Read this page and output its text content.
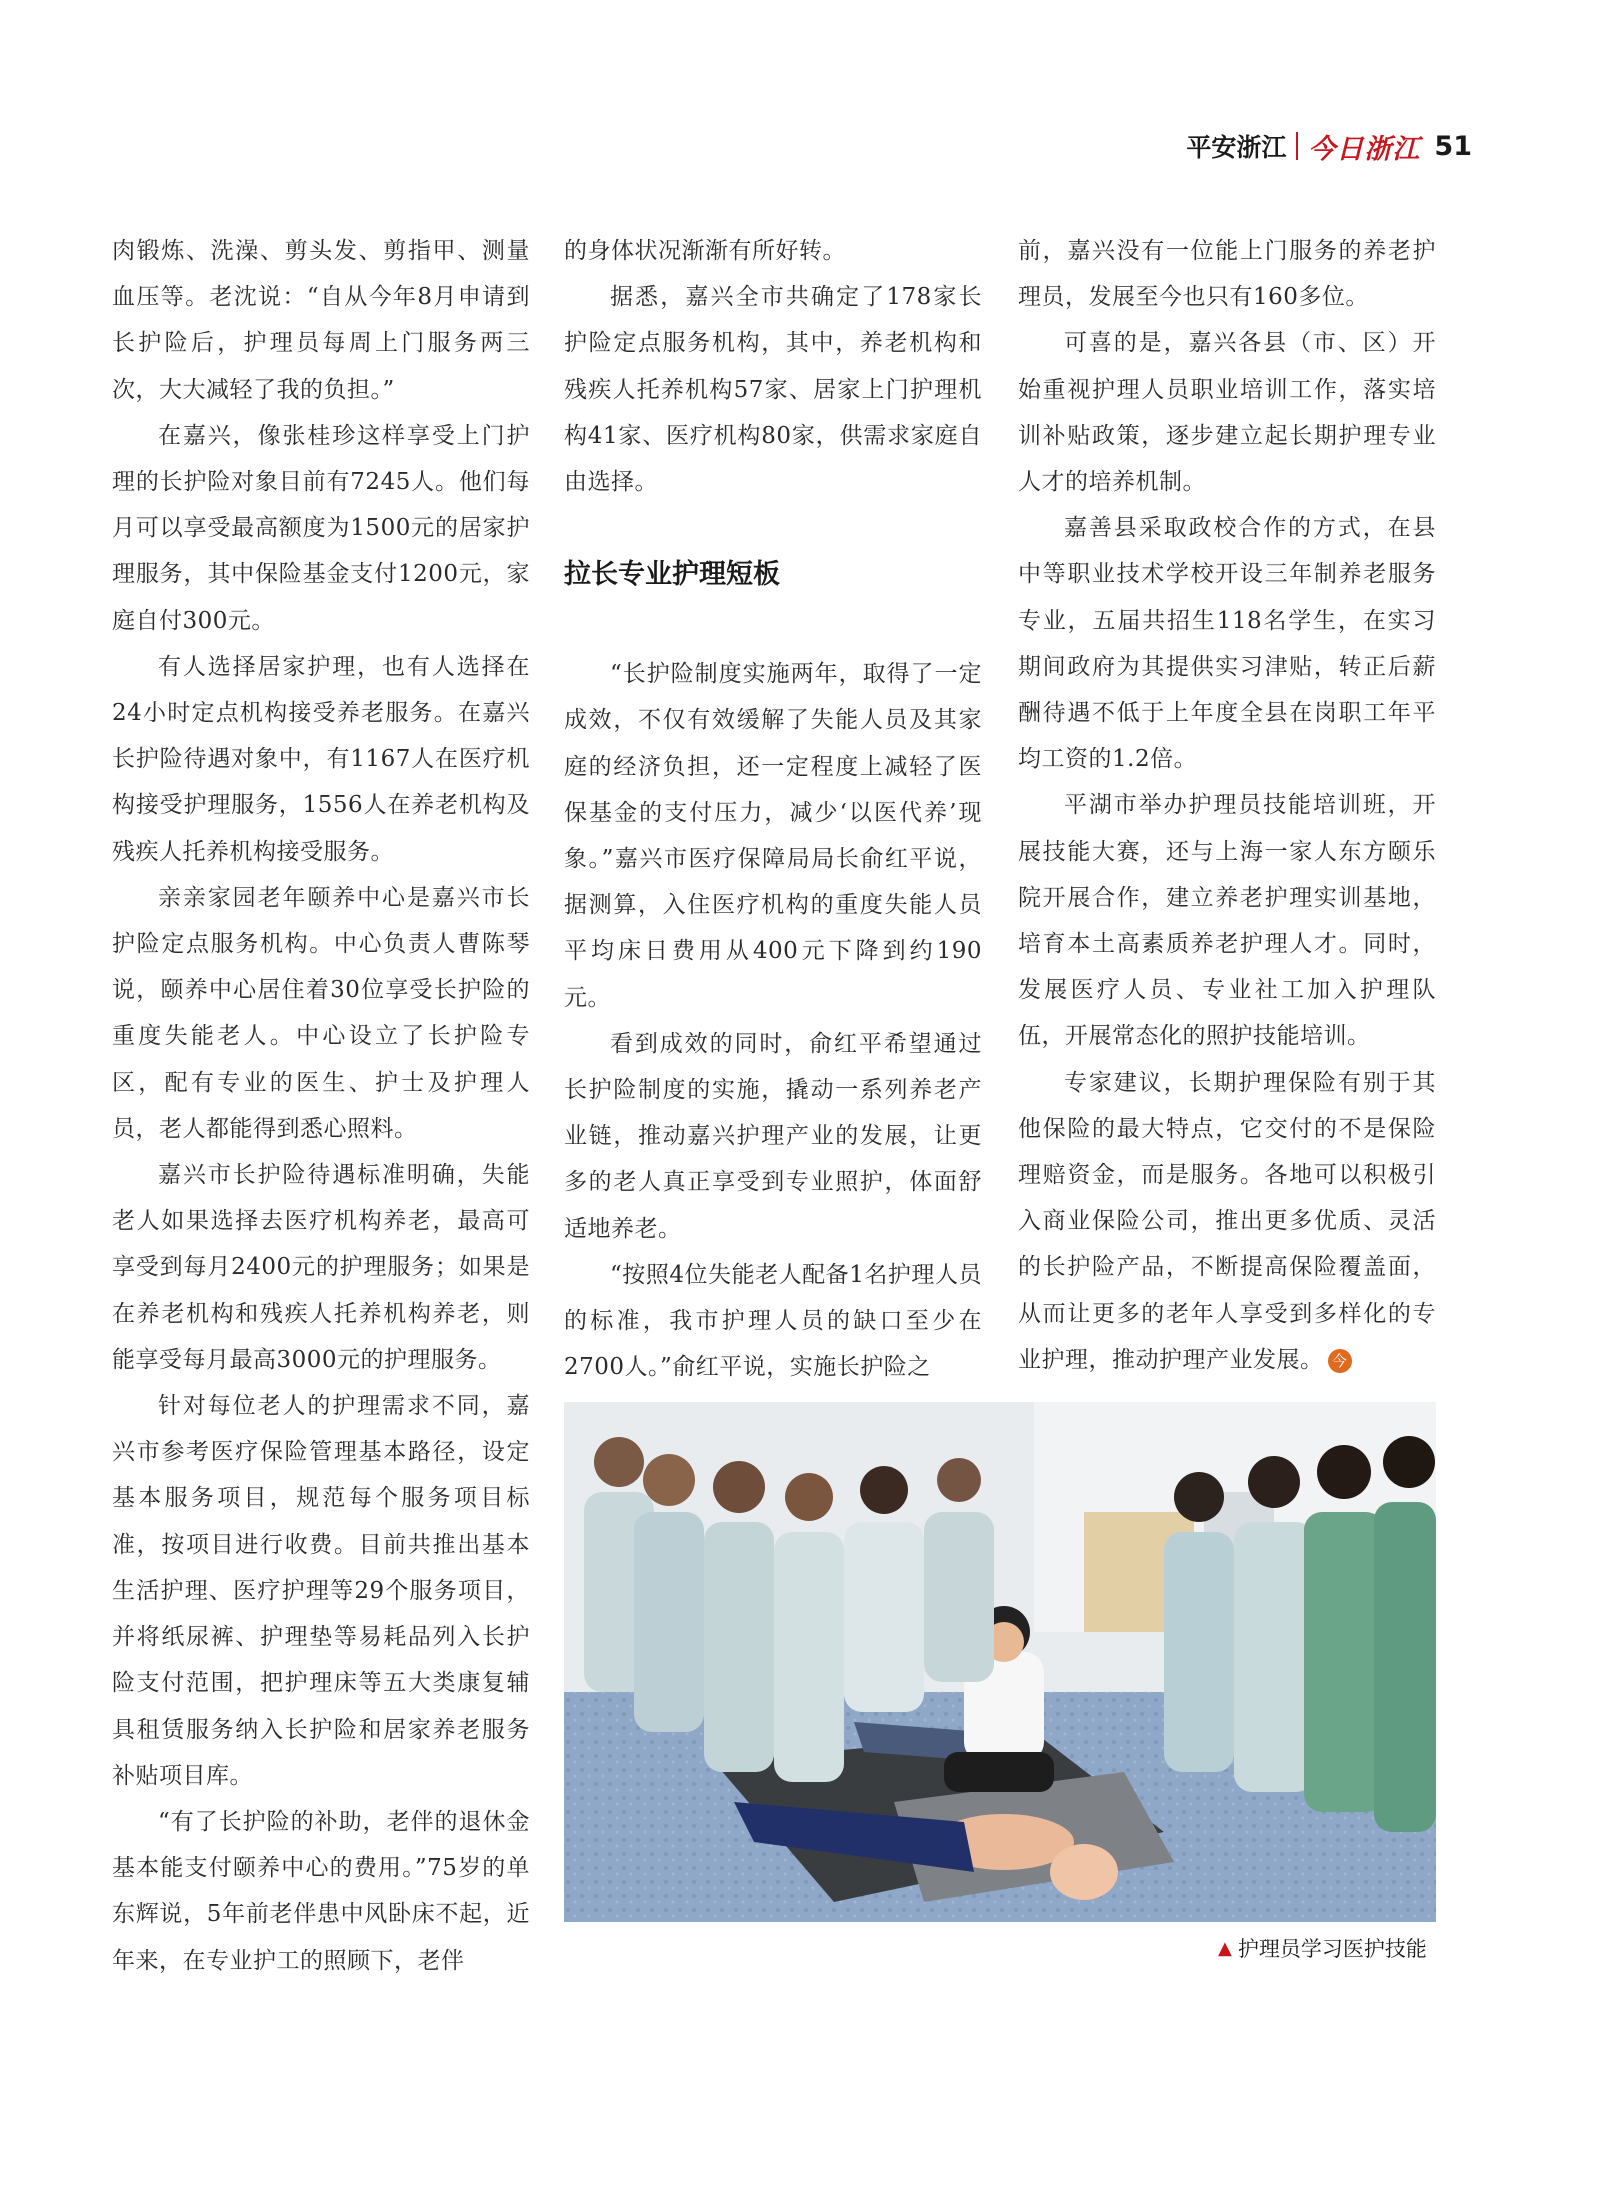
平安浙江 今日浙江 51

肉锻炼、洗澡、剪头发、剪指甲、测量血压等。老沈说：“自从今年8月申请到长护险后，护理员每周上门服务两三次，大大减轻了我的负担。”

在嘉兴，像张桂珍这样享受上门护理的长护险对象目前有7245人。他们每月可以享受最高额度为1500元的居家护理服务，其中保险基金支付1200元，家庭自付300元。

有人选择居家护理，也有人选择在24小时定点机构接受养老服务。在嘉兴长护险待遇对象中，有1167人在医疗机构接受护理服务，1556人在养老机构及残疾人托养机构接受服务。

亲亲家园老年颐养中心是嘉兴市长护险定点服务机构。中心负责人曹陈琴说，颐养中心居住着30位享受长护险的重度失能老人。中心设立了长护险专区，配有专业的医生、护士及护理人员，老人都能得到悉心照料。

嘉兴市长护险待遇标准明确，失能老人如果选择去医疗机构养老，最高可享受到每月2400元的护理服务；如果是在养老机构和残疾人托养机构养老，则能享受每月最高3000元的护理服务。

针对每位老人的护理需求不同，嘉兴市参考医疗保险管理基本路径，设定基本服务项目，规范每个服务项目标准，按项目进行收费。目前共推出基本生活护理、医疗护理等29个服务项目，并将纸尿裤、护理垫等易耗品列入长护险支付范围，把护理床等五大类康复辅具租赁服务纳入长护险和居家养老服务补贴项目库。

“有了长护险的补助，老伴的退休金基本能支付颐养中心的费用。”75岁的单东辉说，5年前老伴患中风卧床不起，近年来，在专业护工的照顾下，老伴

的身体状况渐渐有所好转。

据悉，嘉兴全市共确定了178家长护险定点服务机构，其中，养老机构和残疾人托养机构57家、居家上门护理机构41家、医疗机构80家，供需求家庭自由选择。

拉长专业护理短板

“长护险制度实施两年，取得了一定成效，不仅有效缓解了失能人员及其家庭的经济负担，还一定程度上减轻了医保基金的支付压力，减少‘以医代养’现象。”嘉兴市医疗保障局局长俞红平说，据测算，入住医疗机构的重度失能人员平均床日费用从400元下降到约190元。

看到成效的同时，俞红平希望通过长护险制度的实施，撬动一系列养老产业链，推动嘉兴护理产业的发展，让更多的老人真正享受到专业照护，体面舒适地养老。

“按照4位失能老人配备1名护理人员的标准，我市护理人员的缺口至少在2700人。”俞红平说，实施长护险之

前，嘉兴没有一位能上门服务的养老护理员，发展至今也只有160多位。

可喜的是，嘉兴各县（市、区）开始重视护理人员职业培训工作，落实培训补贴政策，逐步建立起长期护理专业人才的培养机制。

嘉善县采取政校合作的方式，在县中等职业技术学校开设三年制养老服务专业，五届共招生118名学生，在实习期间政府为其提供实习津贴，转正后薪酬待遇不低于上年度全县在岗职工年平均工资的1.2倍。

平湖市举办护理员技能培训班，开展技能大赛，还与上海一家人东方颐乐院开展合作，建立养老护理实训基地，培育本土高素质养老护理人才。同时，发展医疗人员、专业社工加入护理队伍，开展常态化的照护技能培训。

专家建议，长期护理保险有别于其他保险的最大特点，它交付的不是保险理赔资金，而是服务。各地可以积极引入商业保险公司，推出更多优质、灵活的长护险产品，不断提高保险覆盖面，从而让更多的老年人享受到多样化的专业护理，推动护理产业发展。 今

▲ 护理员学习医护技能
